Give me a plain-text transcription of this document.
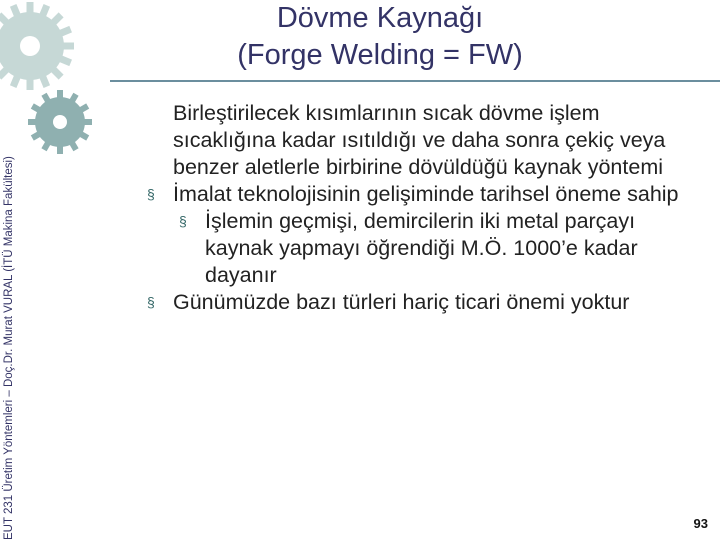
EUT 231 Üretim Yöntemleri – Doç.Dr. Murat VURAL (İTÜ Makina Fakültesi)
Dövme Kaynağı
(Forge Welding = FW)
Birleştirilecek kısımlarının sıcak dövme işlem sıcaklığına kadar ısıtıldığı ve daha sonra çekiç veya benzer aletlerle birbirine dövüldüğü kaynak yöntemi
§ İmalat teknolojisinin gelişiminde tarihsel öneme sahip
§ İşlemin geçmişi, demircilerin iki metal parçayı kaynak yapmayı öğrendiği M.Ö. 1000’e kadar dayanır
§ Günümüzde bazı türleri hariç ticari önemi yoktur
93
